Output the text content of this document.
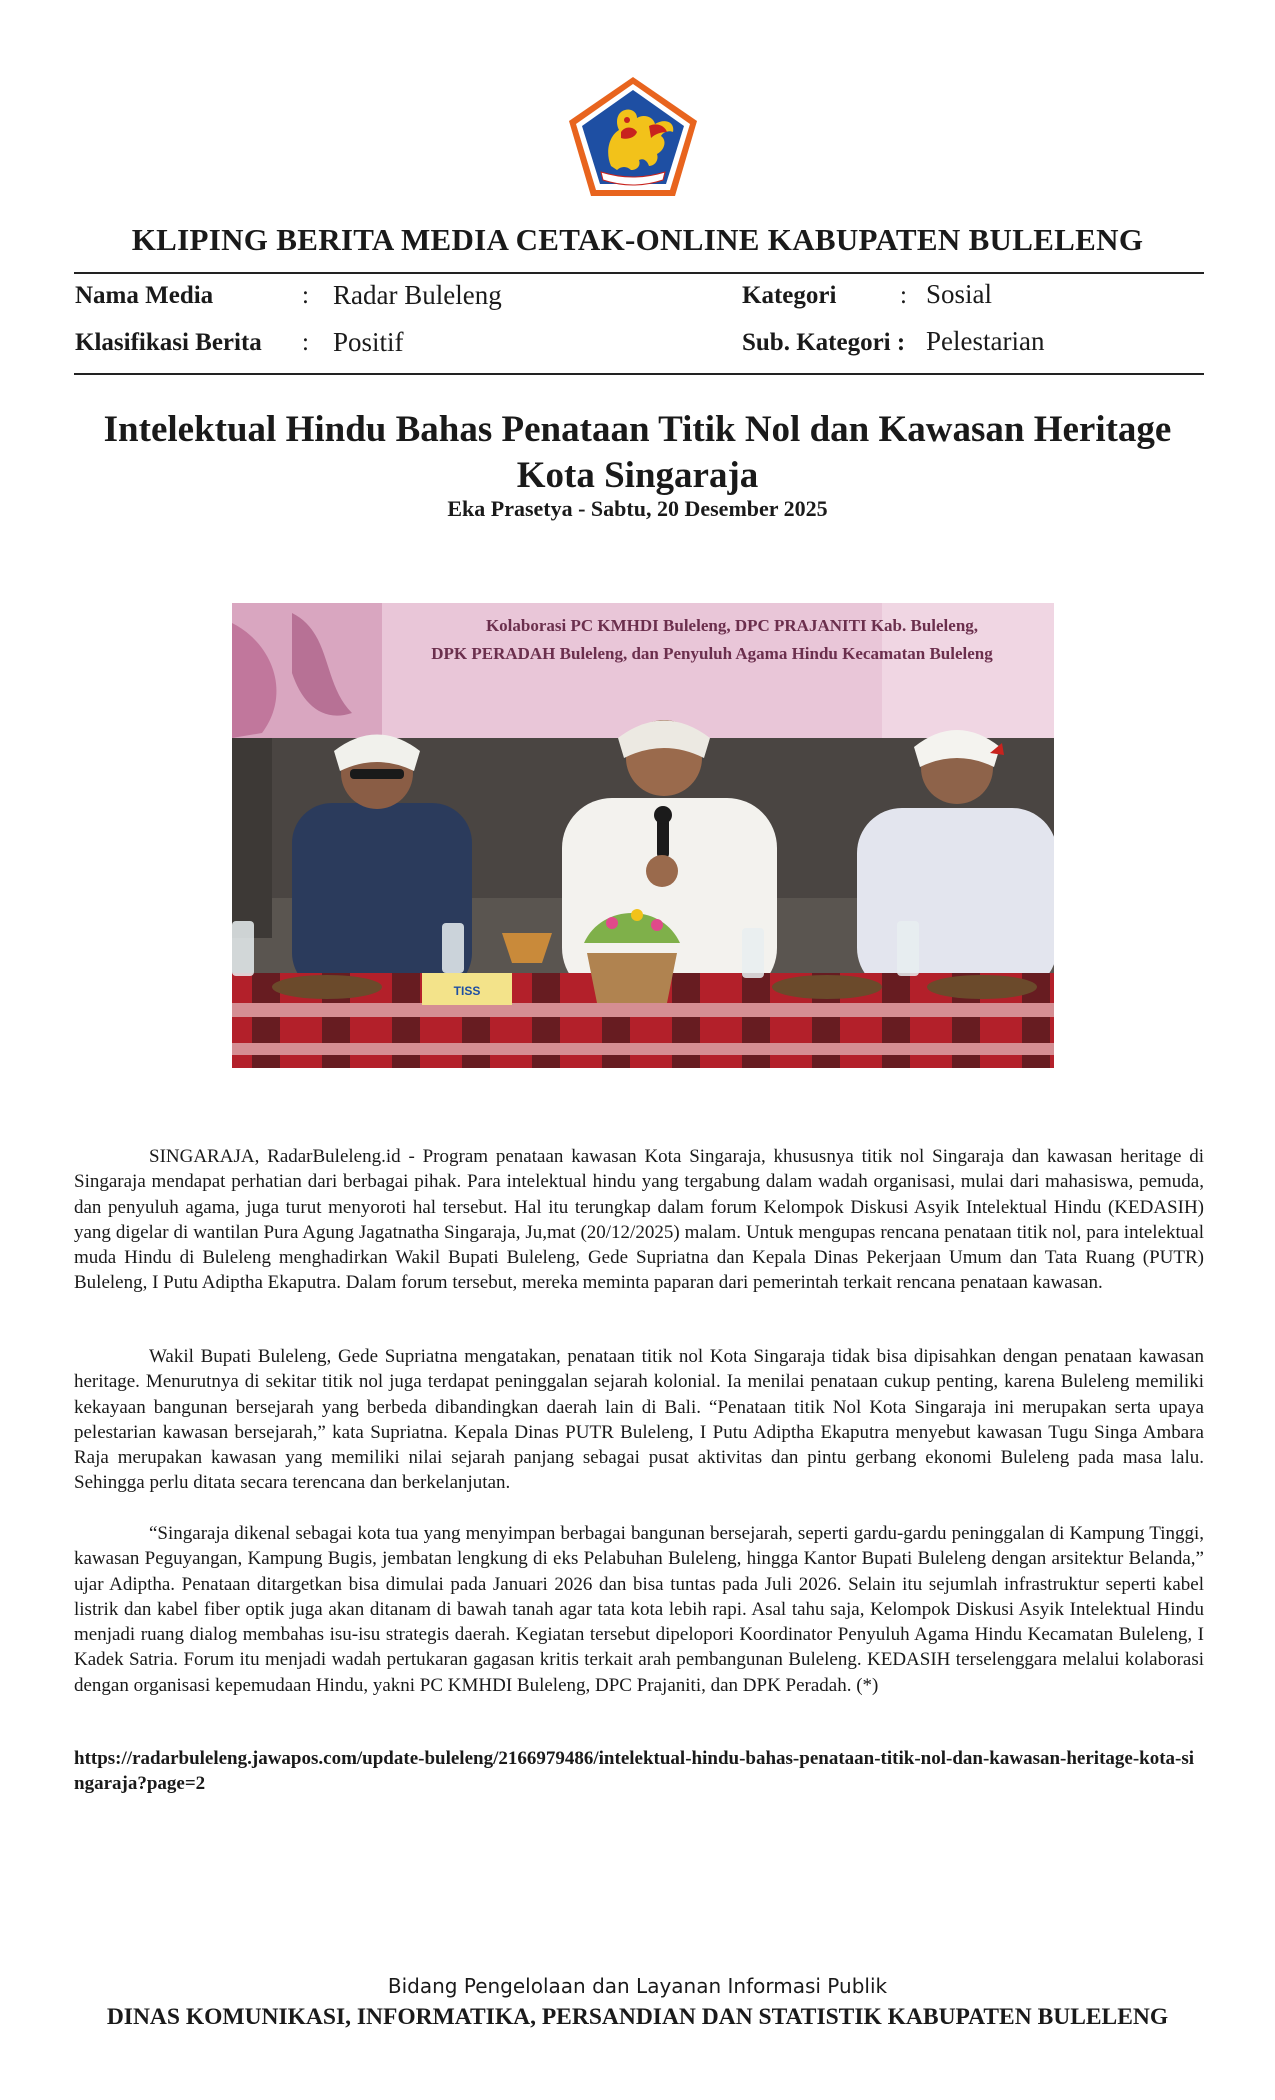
KLIPING BERITA MEDIA CETAK-ONLINE KABUPATEN BULELENG
Nama Media	: Radar Buleleng
Klasifikasi Berita : Positif
Kategori	: Sosial
Sub. Kategori : Pelestarian
Intelektual Hindu Bahas Penataan Titik Nol dan Kawasan Heritage Kota Singaraja
Eka Prasetya - Sabtu, 20 Desember 2025
Kolaborasi PC KMHDI Buleleng, DPC PRAJANITI Kab. Buleleng,
DPK PERADAH Buleleng, dan Penyuluh Agama Hindu Kecamatan Buleleng
TISS

SINGARAJA, RadarBuleleng.id - Program penataan kawasan Kota Singaraja, khususnya titik nol Singaraja dan kawasan heritage di Singaraja mendapat perhatian dari berbagai pihak. Para intelektual hindu yang tergabung dalam wadah organisasi, mulai dari mahasiswa, pemuda, dan penyuluh agama, juga turut menyoroti hal tersebut. Hal itu terungkap dalam forum Kelompok Diskusi Asyik Intelektual Hindu (KEDASIH) yang digelar di wantilan Pura Agung Jagatnatha Singaraja, Ju,mat (20/12/2025) malam. Untuk mengupas rencana penataan titik nol, para intelektual muda Hindu di Buleleng menghadirkan Wakil Bupati Buleleng, Gede Supriatna dan Kepala Dinas Pekerjaan Umum dan Tata Ruang (PUTR) Buleleng, I Putu Adiptha Ekaputra. Dalam forum tersebut, mereka meminta paparan dari pemerintah terkait rencana penataan kawasan.

Wakil Bupati Buleleng, Gede Supriatna mengatakan, penataan titik nol Kota Singaraja tidak bisa dipisahkan dengan penataan kawasan heritage. Menurutnya di sekitar titik nol juga terdapat peninggalan sejarah kolonial. Ia menilai penataan cukup penting, karena Buleleng memiliki kekayaan bangunan bersejarah yang berbeda dibandingkan daerah lain di Bali. “Penataan titik Nol Kota Singaraja ini merupakan serta upaya pelestarian kawasan bersejarah,” kata Supriatna. Kepala Dinas PUTR Buleleng, I Putu Adiptha Ekaputra menyebut kawasan Tugu Singa Ambara Raja merupakan kawasan yang memiliki nilai sejarah panjang sebagai pusat aktivitas dan pintu gerbang ekonomi Buleleng pada masa lalu. Sehingga perlu ditata secara terencana dan berkelanjutan.

“Singaraja dikenal sebagai kota tua yang menyimpan berbagai bangunan bersejarah, seperti gardu-gardu peninggalan di Kampung Tinggi, kawasan Peguyangan, Kampung Bugis, jembatan lengkung di eks Pelabuhan Buleleng, hingga Kantor Bupati Buleleng dengan arsitektur Belanda,” ujar Adiptha. Penataan ditargetkan bisa dimulai pada Januari 2026 dan bisa tuntas pada Juli 2026. Selain itu sejumlah infrastruktur seperti kabel listrik dan kabel fiber optik juga akan ditanam di bawah tanah agar tata kota lebih rapi. Asal tahu saja, Kelompok Diskusi Asyik Intelektual Hindu menjadi ruang dialog membahas isu-isu strategis daerah. Kegiatan tersebut dipelopori Koordinator Penyuluh Agama Hindu Kecamatan Buleleng, I Kadek Satria. Forum itu menjadi wadah pertukaran gagasan kritis terkait arah pembangunan Buleleng. KEDASIH terselenggara melalui kolaborasi dengan organisasi kepemudaan Hindu, yakni PC KMHDI Buleleng, DPC Prajaniti, dan DPK Peradah. (*)

https://radarbuleleng.jawapos.com/update-buleleng/2166979486/intelektual-hindu-bahas-penataan-titik-nol-dan-kawasan-heritage-kota-singaraja?page=2

Bidang Pengelolaan dan Layanan Informasi Publik
DINAS KOMUNIKASI, INFORMATIKA, PERSANDIAN DAN STATISTIK KABUPATEN BULELENG
